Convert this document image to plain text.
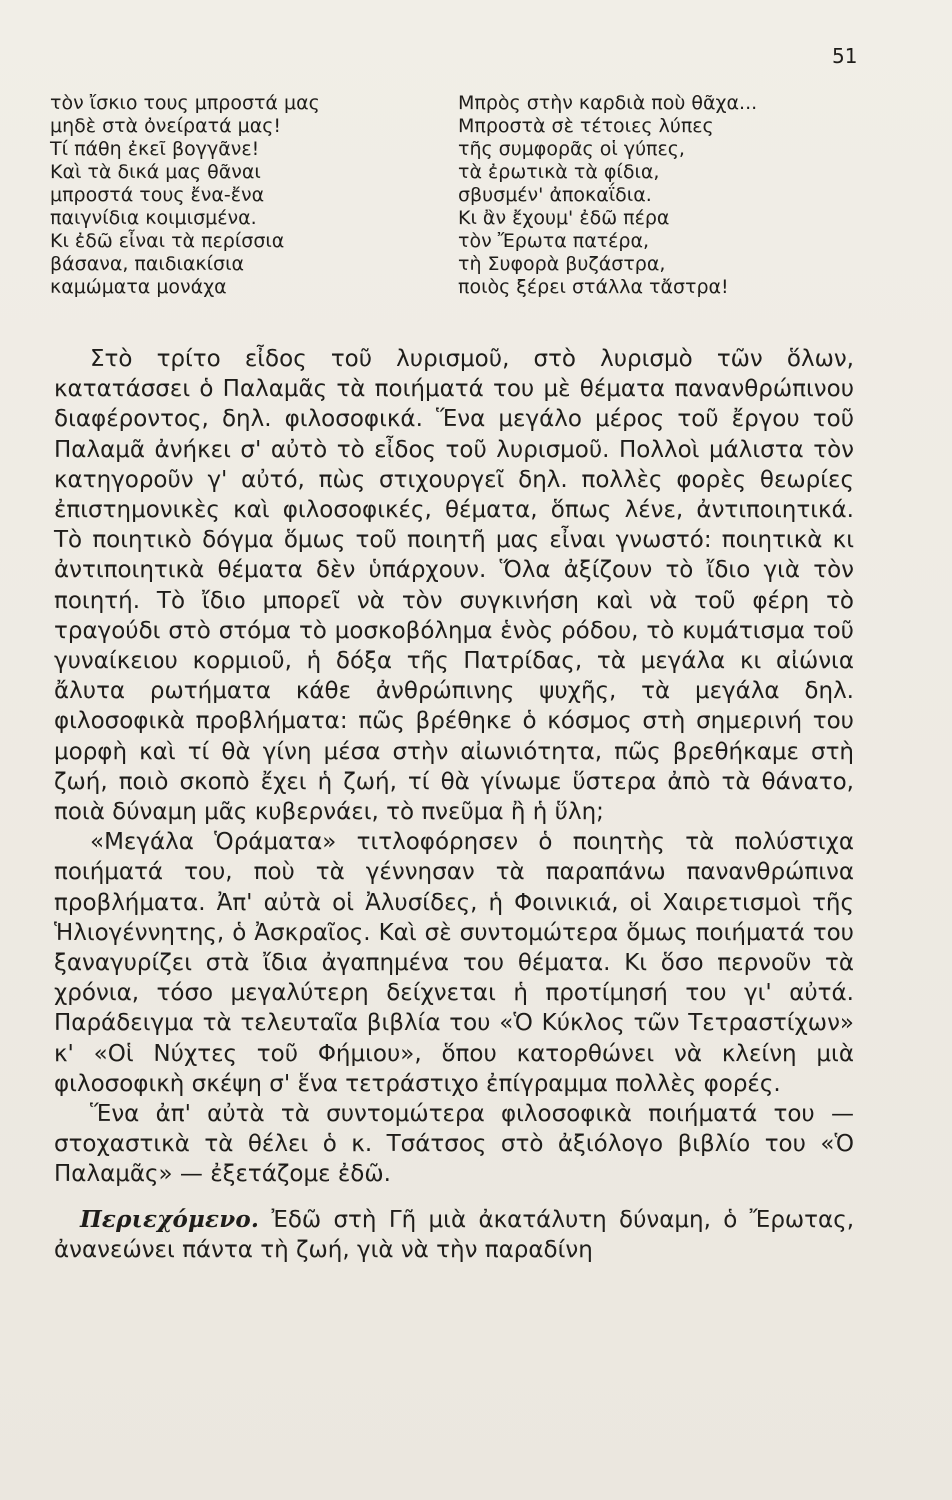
51
τὸν ἴσκιο τους μπροστά μας
μηδὲ στὰ ὀνείρατά μας!
Τί πάθη ἐκεῖ βογγᾶνε!
Καὶ τὰ δικά μας θᾶναι
μπροστά τους ἔνα-ἔνα
παιγνίδια κοιμισμένα.
Κι ἐδῶ εἶναι τὰ περίσσια
βάσανα, παιδιακίσια
καμώματα μονάχα
Μπρὸς στὴν καρδιὰ ποὺ θᾶχα...
Μπροστὰ σὲ τέτοιες λύπες
τῆς συμφορᾶς οἱ γύπες,
τὰ ἐρωτικὰ τὰ φίδια,
σβυσμέν' ἀποκαΐδια.
Κι ἂν ἔχουμ' ἐδῶ πέρα
τὸν Ἔρωτα πατέρα,
τὴ Συφορὰ βυζάστρα,
ποιὸς ξέρει στάλλα τἄστρα!

Στὸ τρίτο εἶδος τοῦ λυρισμοῦ, στὸ λυρισμὸ τῶν ὅλων, κατατάσσει ὁ Παλαμᾶς τὰ ποιήματά του μὲ θέματα πανανθρώπινου διαφέροντος, δηλ. φιλοσοφικά. Ἕνα μεγάλο μέρος τοῦ ἔργου τοῦ Παλαμᾶ ἀνήκει σ' αὐτὸ τὸ εἶδος τοῦ λυρισμοῦ. Πολλοὶ μάλιστα τὸν κατηγοροῦν γ' αὐτό, πὼς στιχουργεῖ δηλ. πολλὲς φορὲς θεωρίες ἐπιστημονικὲς καὶ φιλοσοφικές, θέματα, ὅπως λένε, ἀντιποιητικά. Τὸ ποιητικὸ δόγμα ὅμως τοῦ ποιητῆ μας εἶναι γνωστό: ποιητικὰ κι ἀντιποιητικὰ θέματα δὲν ὑπάρχουν. Ὅλα ἀξίζουν τὸ ἴδιο γιὰ τὸν ποιητή. Τὸ ἴδιο μπορεῖ νὰ τὸν συγκινήση καὶ νὰ τοῦ φέρη τὸ τραγούδι στὸ στόμα τὸ μοσκοβόλημα ἑνὸς ρόδου, τὸ κυμάτισμα τοῦ γυναίκειου κορμιοῦ, ἡ δόξα τῆς Πατρίδας, τὰ μεγάλα κι αἰώνια ἄλυτα ρωτήματα κάθε ἀνθρώπινης ψυχῆς, τὰ μεγάλα δηλ. φιλοσοφικὰ προβλήματα: πῶς βρέθηκε ὁ κόσμος στὴ σημερινή του μορφὴ καὶ τί θὰ γίνη μέσα στὴν αἰωνιότητα, πῶς βρεθήκαμε στὴ ζωή, ποιὸ σκοπὸ ἔχει ἡ ζωή, τί θὰ γίνωμε ὕστερα ἀπὸ τὰ θάνατο, ποιὰ δύναμη μᾶς κυβερνάει, τὸ πνεῦμα ἢ ἡ ὕλη;

«Μεγάλα Ὁράματα» τιτλοφόρησεν ὁ ποιητὴς τὰ πολύστιχα ποιήματά του, ποὺ τὰ γέννησαν τὰ παραπάνω πανανθρώπινα προβλήματα. Ἀπ' αὐτὰ οἱ Ἀλυσίδες, ἡ Φοινικιά, οἱ Χαιρετισμοὶ τῆς Ἡλιογέννητης, ὁ Ἀσκραῖος. Καὶ σὲ συντομώτερα ὅμως ποιήματά του ξαναγυρίζει στὰ ἴδια ἀγαπημένα του θέματα. Κι ὅσο περνοῦν τὰ χρόνια, τόσο μεγαλύτερη δείχνεται ἡ προτίμησή του γι' αὐτά. Παράδειγμα τὰ τελευταῖα βιβλία του «Ὁ Κύκλος τῶν Τετραστίχων» κ' «Οἱ Νύχτες τοῦ Φήμιου», ὅπου κατορθώνει νὰ κλείνη μιὰ φιλοσοφικὴ σκέψη σ' ἕνα τετράστιχο ἐπίγραμμα πολλὲς φορές.

Ἕνα ἀπ' αὐτὰ τὰ συντομώτερα φιλοσοφικὰ ποιήματά του — στοχαστικὰ τὰ θέλει ὁ κ. Τσάτσος στὸ ἀξιόλογο βιβλίο του «Ὁ Παλαμᾶς» — ἐξετάζομε ἐδῶ.

Περιεχόμενο. Ἐδῶ στὴ Γῆ μιὰ ἀκατάλυτη δύναμη, ὁ Ἔρωτας, ἀνανεώνει πάντα τὴ ζωή, γιὰ νὰ τὴν παραδίνη
